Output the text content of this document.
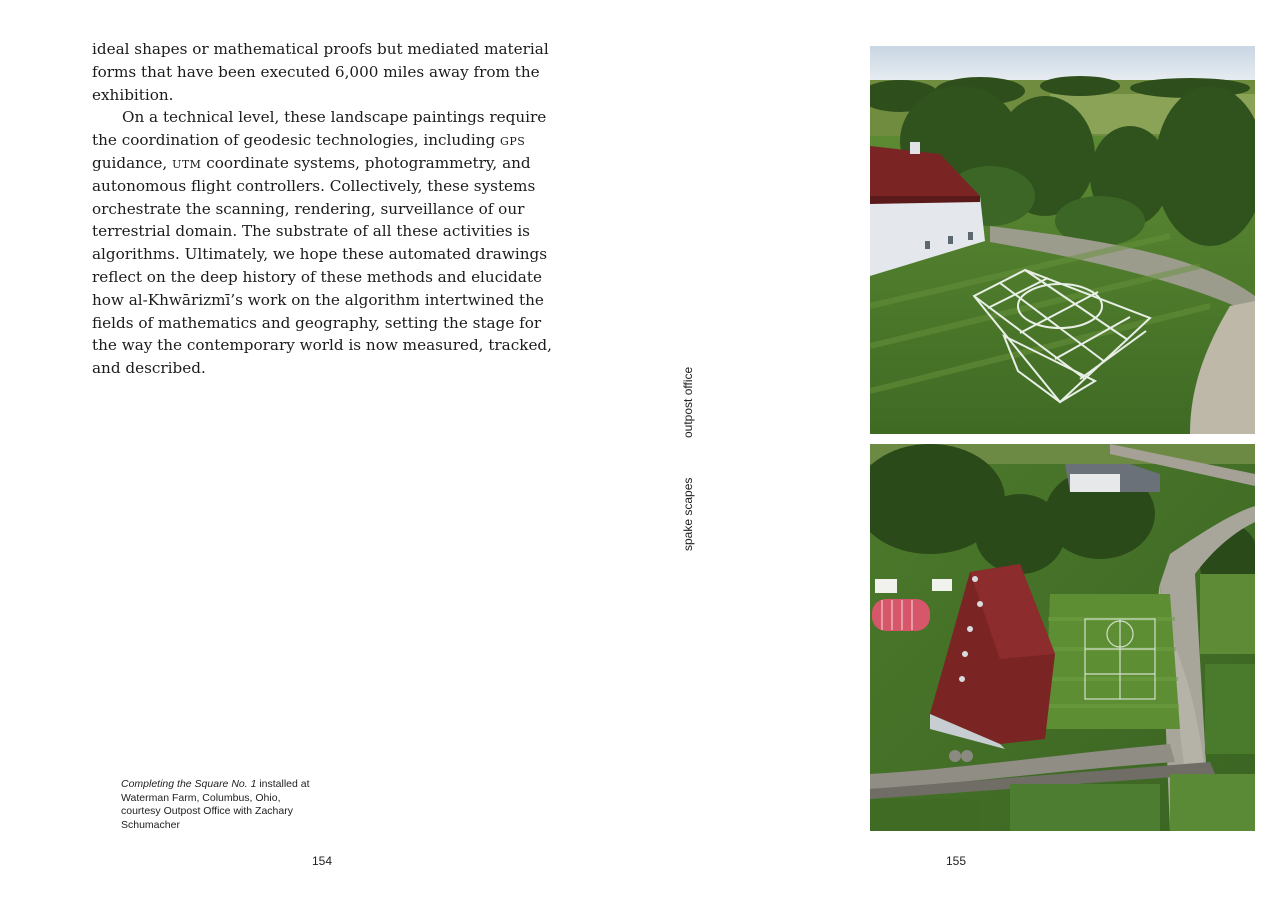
ideal shapes or mathematical proofs but mediated material forms that have been executed 6,000 miles away from the exhibition.

On a technical level, these landscape paintings require the coordination of geodesic technologies, including gps guidance, utm coordinate systems, photogrammetry, and autonomous flight controllers. Collectively, these systems orchestrate the scanning, rendering, surveillance of our terrestrial domain. The substrate of all these activities is algorithms. Ultimately, we hope these automated drawings reflect on the deep history of these methods and elucidate how al-Khwārizmī’s work on the algorithm intertwined the fields of mathematics and geography, setting the stage for the way the contemporary world is now measured, tracked, and described.

Completing the Square No. 1 installed at Waterman Farm, Columbus, Ohio, courtesy Outpost Office with Zachary Schumacher
154
outpost office
spake scapes
155
